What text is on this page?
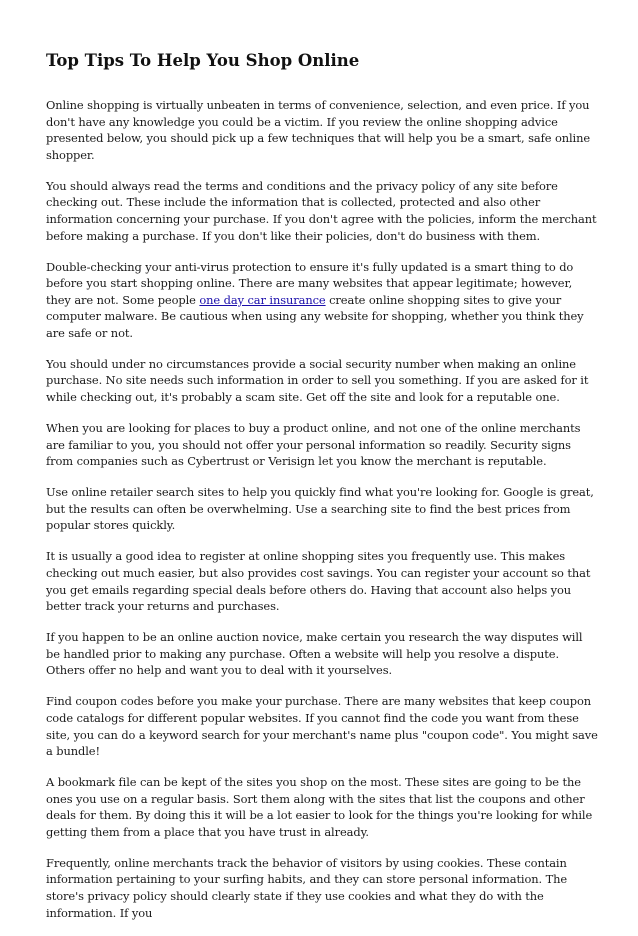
Top Tips To Help You Shop Online

Online shopping is virtually unbeaten in terms of convenience, selection, and even price. If you don't have any knowledge you could be a victim. If you review the online shopping advice presented below, you should pick up a few techniques that will help you be a smart, safe online shopper.

You should always read the terms and conditions and the privacy policy of any site before checking out. These include the information that is collected, protected and also other information concerning your purchase. If you don't agree with the policies, inform the merchant before making a purchase. If you don't like their policies, don't do business with them.

Double-checking your anti-virus protection to ensure it's fully updated is a smart thing to do before you start shopping online. There are many websites that appear legitimate; however, they are not. Some people one day car insurance create online shopping sites to give your computer malware. Be cautious when using any website for shopping, whether you think they are safe or not.

You should under no circumstances provide a social security number when making an online purchase. No site needs such information in order to sell you something. If you are asked for it while checking out, it's probably a scam site. Get off the site and look for a reputable one.

When you are looking for places to buy a product online, and not one of the online merchants are familiar to you, you should not offer your personal information so readily. Security signs from companies such as Cybertrust or Verisign let you know the merchant is reputable.

Use online retailer search sites to help you quickly find what you're looking for. Google is great, but the results can often be overwhelming. Use a searching site to find the best prices from popular stores quickly.

It is usually a good idea to register at online shopping sites you frequently use. This makes checking out much easier, but also provides cost savings. You can register your account so that you get emails regarding special deals before others do. Having that account also helps you better track your returns and purchases.

If you happen to be an online auction novice, make certain you research the way disputes will be handled prior to making any purchase. Often a website will help you resolve a dispute. Others offer no help and want you to deal with it yourselves.

Find coupon codes before you make your purchase. There are many websites that keep coupon code catalogs for different popular websites. If you cannot find the code you want from these site, you can do a keyword search for your merchant's name plus "coupon code". You might save a bundle!

A bookmark file can be kept of the sites you shop on the most. These sites are going to be the ones you use on a regular basis. Sort them along with the sites that list the coupons and other deals for them. By doing this it will be a lot easier to look for the things you're looking for while getting them from a place that you have trust in already.

Frequently, online merchants track the behavior of visitors by using cookies. These contain information pertaining to your surfing habits, and they can store personal information. The store's privacy policy should clearly state if they use cookies and what they do with the information. If you
